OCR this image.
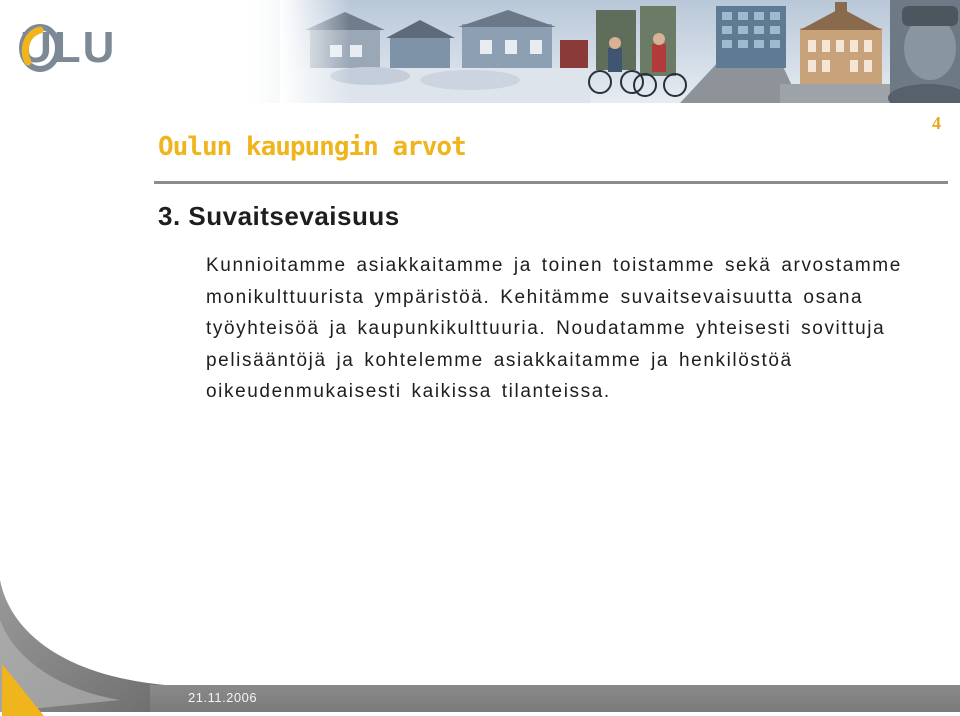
ULU
4
Oulun kaupungin arvot
3. Suvaitsevaisuus

Kunnioitamme asiakkaitamme ja toinen toistamme sekä arvostamme monikulttuurista ympäristöä. Kehitämme suvaitsevaisuutta osana työyhteisöä ja kaupunkikulttuuria. Noudatamme yhteisesti sovittuja pelisääntöjä ja kohtelemme asiakkaitamme ja henkilöstöä oikeudenmukaisesti kaikissa tilanteissa.

21.11.2006
